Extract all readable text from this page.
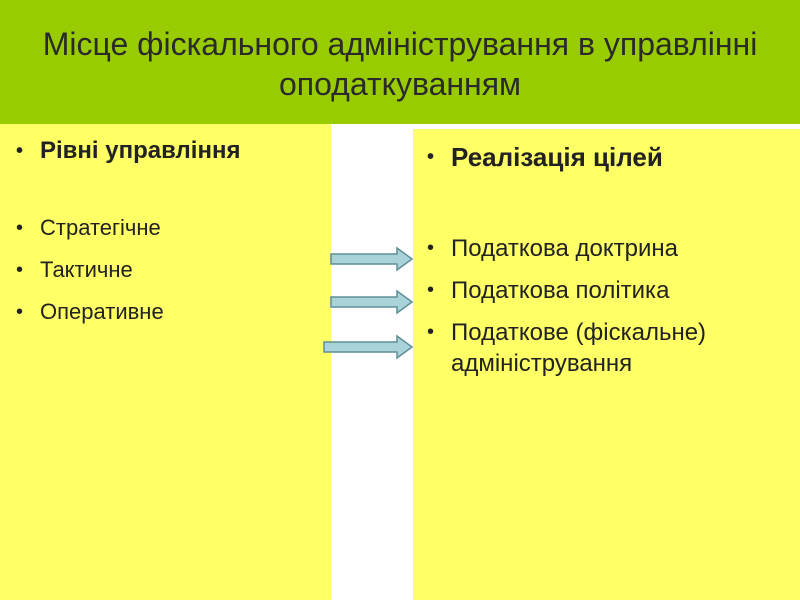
Місце фіскального адміністрування в управлінні оподаткуванням
• Рівні управління
• Стратегічне
• Тактичне
• Оперативне
• Реалізація цілей
• Податкова доктрина
• Податкова політика
• Податкове (фіскальне) адміністрування
